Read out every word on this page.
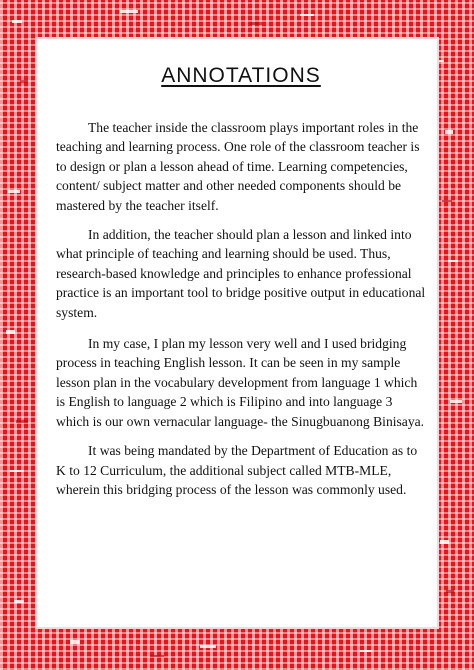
ANNOTATIONS

The teacher inside the classroom plays important roles in the teaching and learning process. One role of the classroom teacher is to design or plan a lesson ahead of time. Learning competencies, content/ subject matter and other needed components should be mastered by the teacher itself.

In addition, the teacher should plan a lesson and linked into what principle of teaching and learning should be used. Thus, research-based knowledge and principles to enhance professional practice is an important tool to bridge positive output in educational system.

In my case, I plan my lesson very well and I used bridging process in teaching English lesson. It can be seen in my sample lesson plan in the vocabulary development from language 1 which is English to language 2 which is Filipino and into language 3 which is our own vernacular language- the Sinugbuanong Binisaya.

It was being mandated by the Department of Education as to K to 12 Curriculum, the additional subject called MTB-MLE, wherein this bridging process of the lesson was commonly used.
